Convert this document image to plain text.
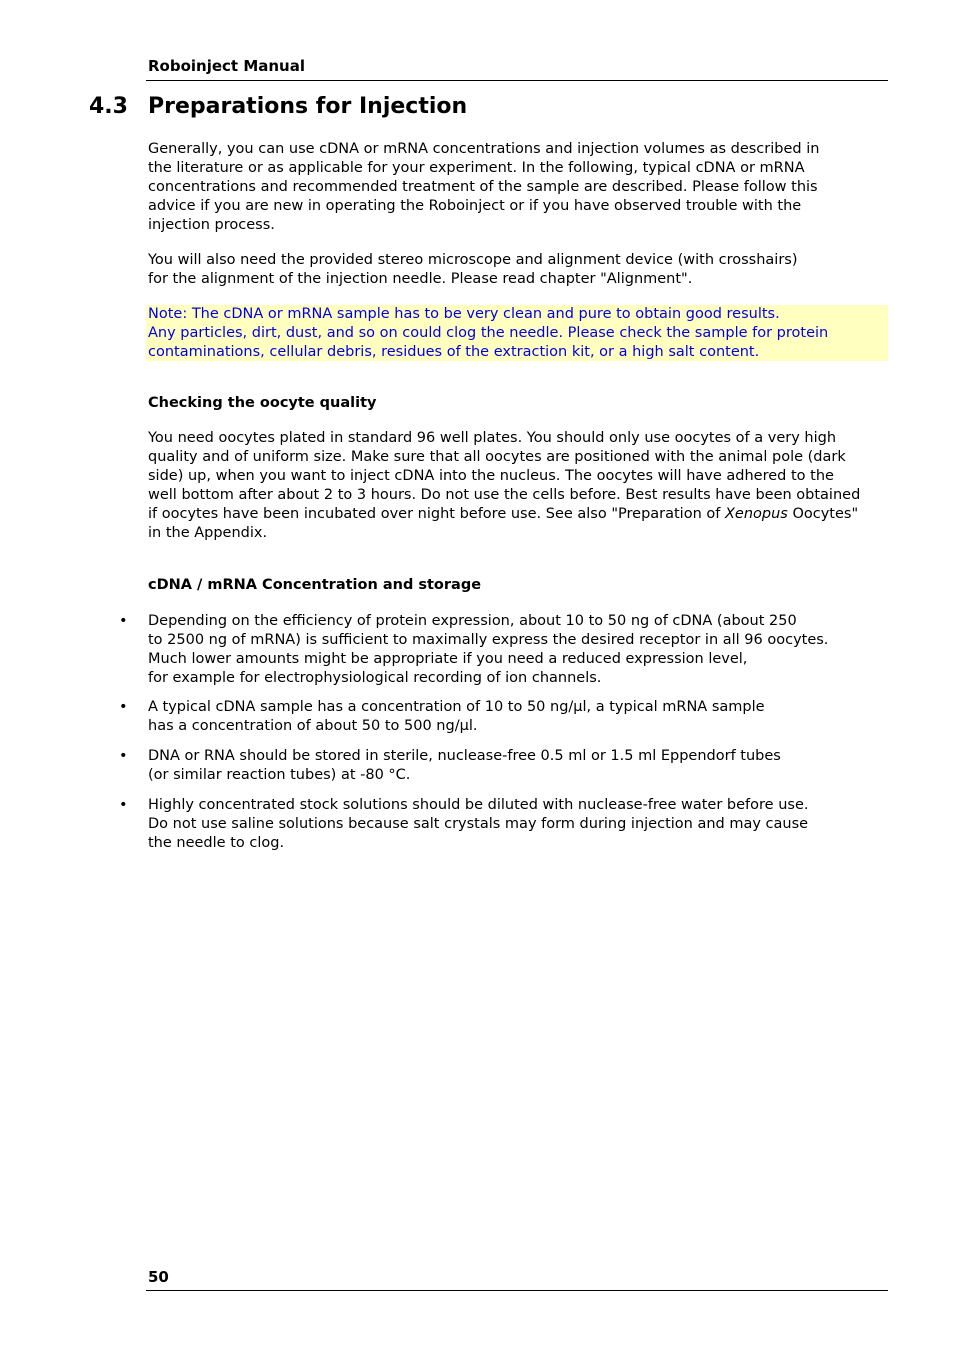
Roboinject Manual
4.3 Preparations for Injection
Generally, you can use cDNA or mRNA concentrations and injection volumes as described in
the literature or as applicable for your experiment. In the following, typical cDNA or mRNA
concentrations and recommended treatment of the sample are described. Please follow this
advice if you are new in operating the Roboinject or if you have observed trouble with the
injection process.
You will also need the provided stereo microscope and alignment device (with crosshairs)
for the alignment of the injection needle. Please read chapter "Alignment".
Note: The cDNA or mRNA sample has to be very clean and pure to obtain good results.
Any particles, dirt, dust, and so on could clog the needle. Please check the sample for protein
contaminations, cellular debris, residues of the extraction kit, or a high salt content.
Checking the oocyte quality
You need oocytes plated in standard 96 well plates. You should only use oocytes of a very high
quality and of uniform size. Make sure that all oocytes are positioned with the animal pole (dark
side) up, when you want to inject cDNA into the nucleus. The oocytes will have adhered to the
well bottom after about 2 to 3 hours. Do not use the cells before. Best results have been obtained
if oocytes have been incubated over night before use. See also "Preparation of Xenopus Oocytes"
in the Appendix.
cDNA / mRNA Concentration and storage
• Depending on the efficiency of protein expression, about 10 to 50 ng of cDNA (about 250
to 2500 ng of mRNA) is sufficient to maximally express the desired receptor in all 96 oocytes.
Much lower amounts might be appropriate if you need a reduced expression level,
for example for electrophysiological recording of ion channels.
• A typical cDNA sample has a concentration of 10 to 50 ng/µl, a typical mRNA sample
has a concentration of about 50 to 500 ng/µl.
• DNA or RNA should be stored in sterile, nuclease-free 0.5 ml or 1.5 ml Eppendorf tubes
(or similar reaction tubes) at -80 °C.
• Highly concentrated stock solutions should be diluted with nuclease-free water before use.
Do not use saline solutions because salt crystals may form during injection and may cause
the needle to clog.
50
